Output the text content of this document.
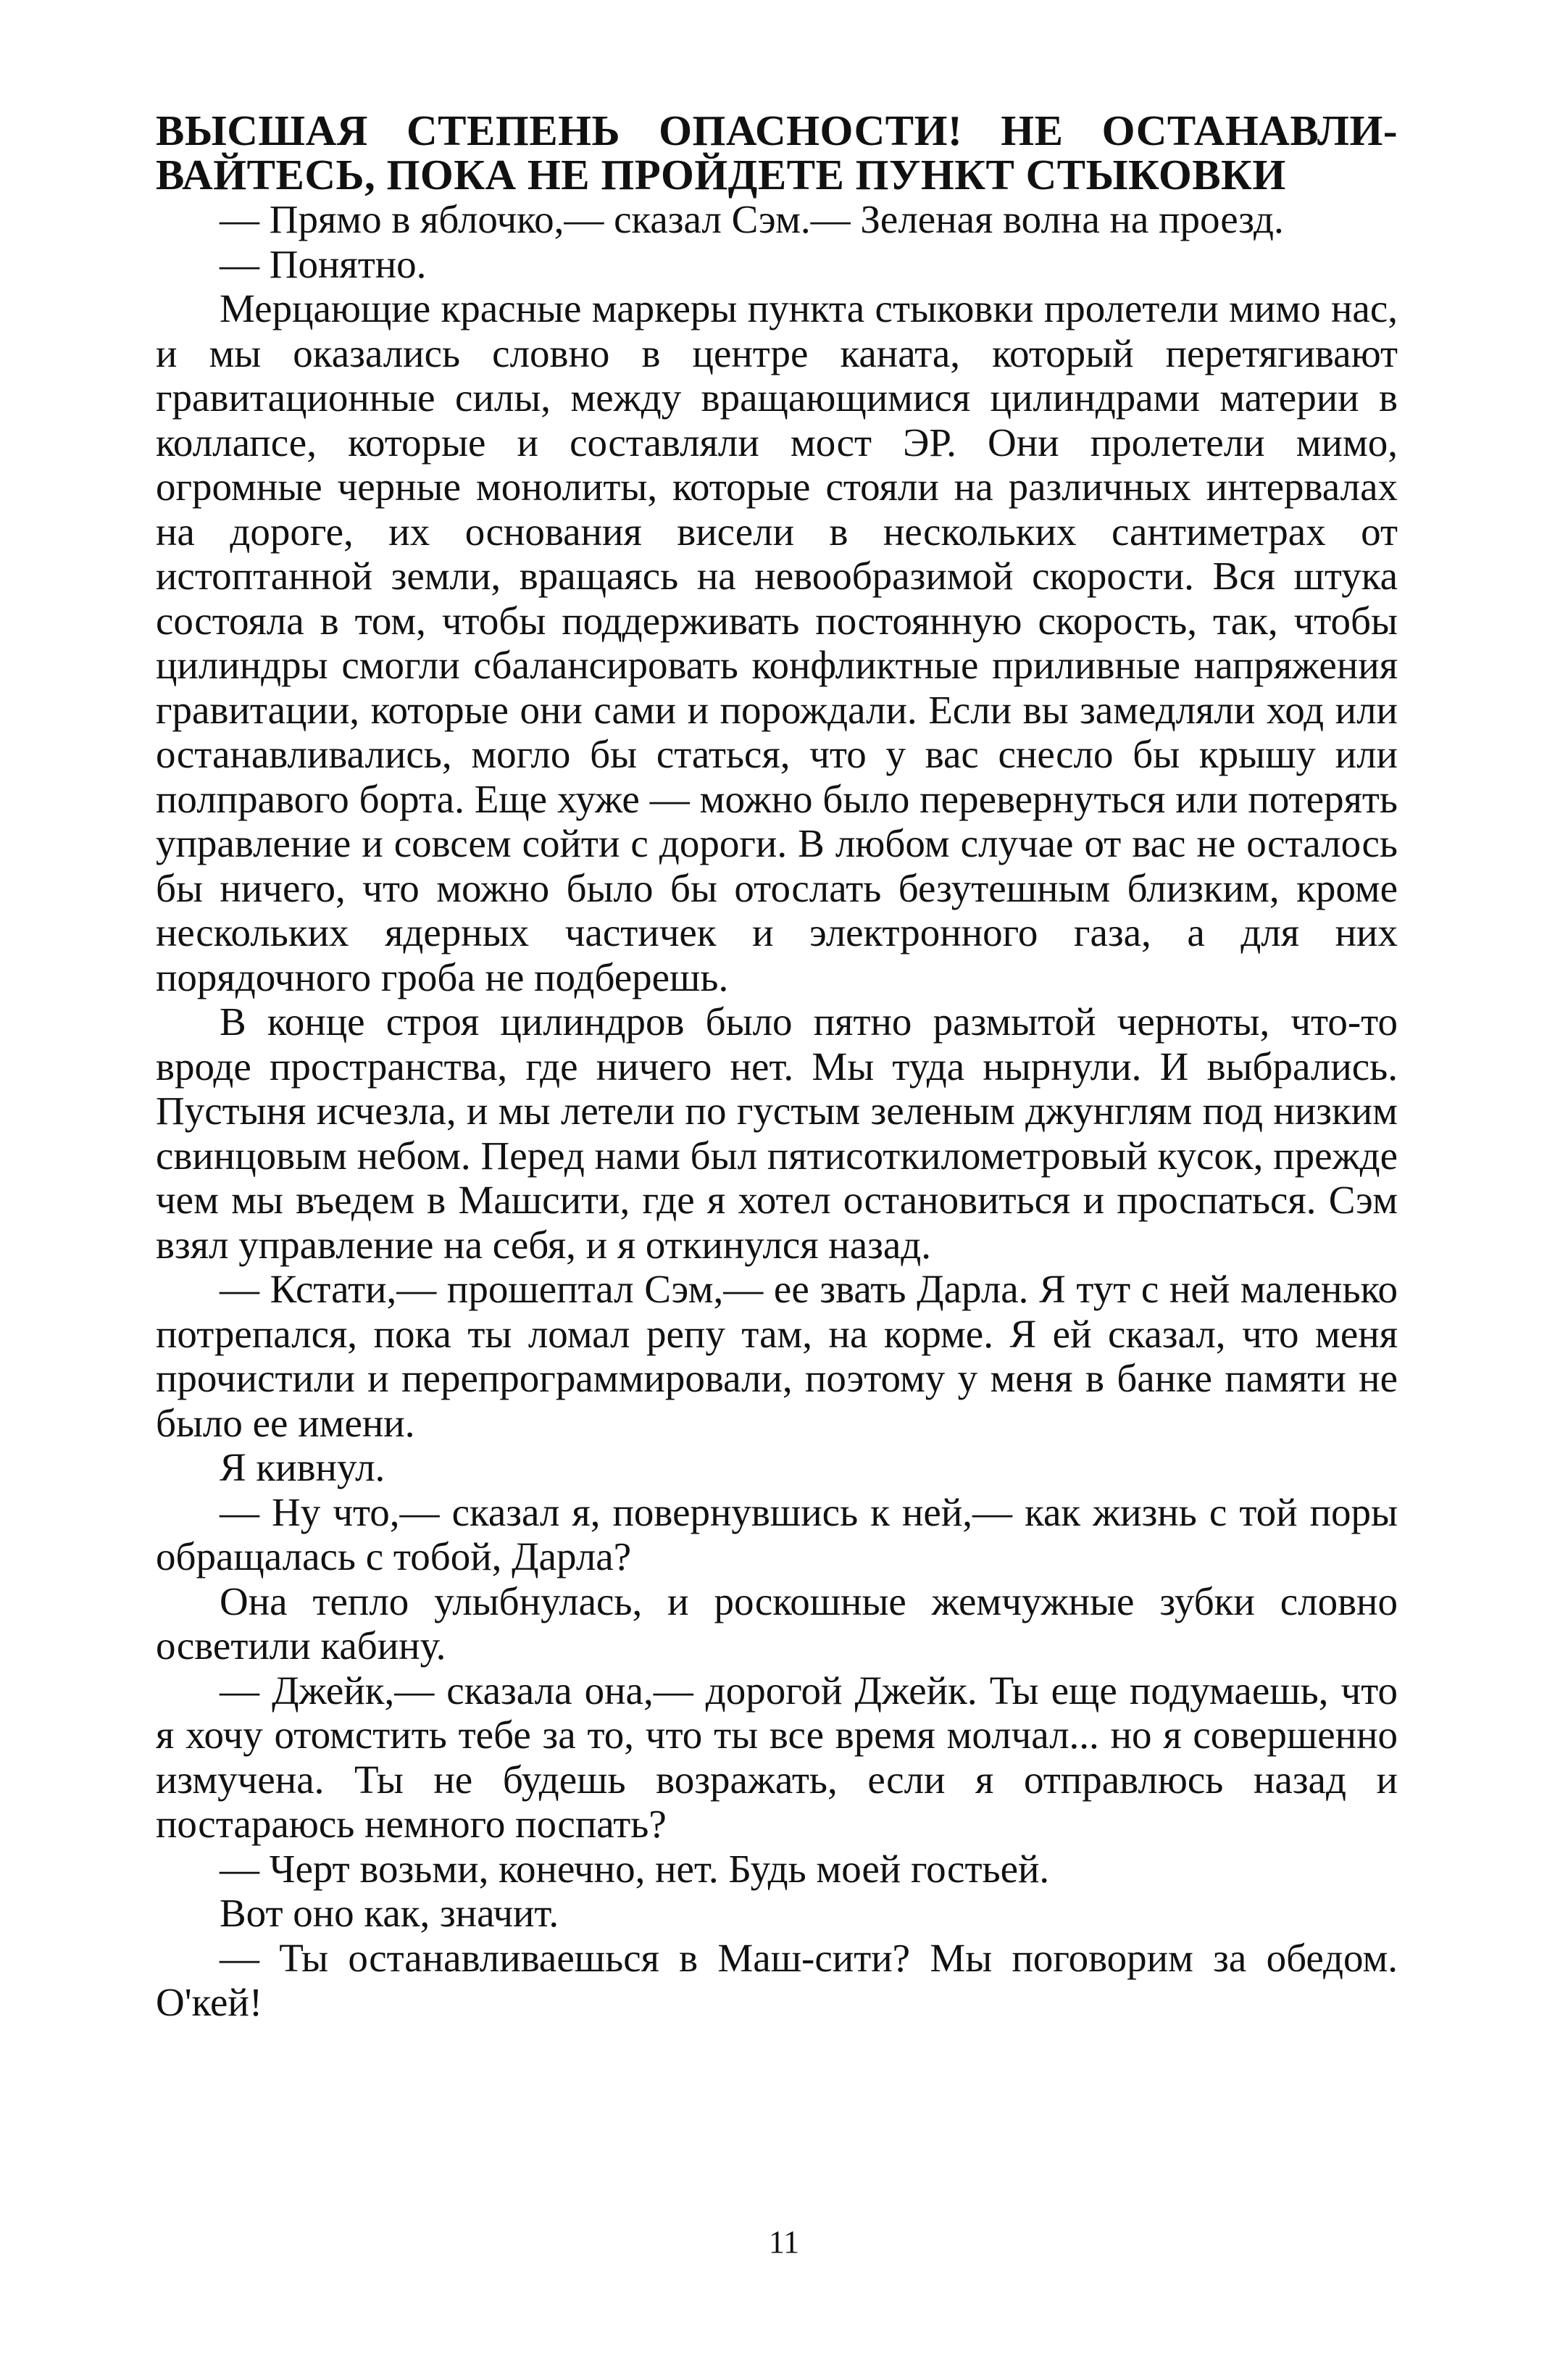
ВЫСШАЯ СТЕПЕНЬ ОПАСНОСТИ! НЕ ОСТАНАВЛИ-
ВАЙТЕСЬ, ПОКА НЕ ПРОЙДЕТЕ ПУНКТ СТЫКОВКИ

— Прямо в яблочко,— сказал Сэм.— Зеленая волна на проезд.

— Понятно.

Мерцающие красные маркеры пункта стыковки пролетели мимо нас, и мы оказались словно в центре каната, который перетягивают гравитационные силы, между вращающимися цилиндрами материи в коллапсе, которые и составляли мост ЭР. Они пролетели мимо, огромные черные монолиты, которые стояли на различных интервалах на дороге, их основания висели в нескольких сантиметрах от истоптанной земли, вращаясь на невообразимой скорости. Вся штука состояла в том, чтобы поддерживать постоянную скорость, так, чтобы цилиндры смогли сбалансировать конфликтные приливные напряжения гравитации, которые они сами и порождали. Если вы замедляли ход или останавливались, могло бы статься, что у вас снесло бы крышу или полправого борта. Еще хуже — можно было перевернуться или потерять управление и совсем сойти с дороги. В любом случае от вас не осталось бы ничего, что можно было бы отослать безутешным близким, кроме нескольких ядерных частичек и электронного газа, а для них порядочного гроба не подберешь.

В конце строя цилиндров было пятно размытой черноты, что-то вроде пространства, где ничего нет. Мы туда нырнули. И выбрались. Пустыня исчезла, и мы летели по густым зеленым джунглям под низким свинцовым небом. Перед нами был пятисоткилометровый кусок, прежде чем мы въедем в Машсити, где я хотел остановиться и проспаться. Сэм взял управление на себя, и я откинулся назад.

— Кстати,— прошептал Сэм,— ее звать Дарла. Я тут с ней маленько потрепался, пока ты ломал репу там, на корме. Я ей сказал, что меня прочистили и перепрограммировали, поэтому у меня в банке памяти не было ее имени.

Я кивнул.

— Ну что,— сказал я, повернувшись к ней,— как жизнь с той поры обращалась с тобой, Дарла?

Она тепло улыбнулась, и роскошные жемчужные зубки словно осветили кабину.

— Джейк,— сказала она,— дорогой Джейк. Ты еще подумаешь, что я хочу отомстить тебе за то, что ты все время молчал... но я совершенно измучена. Ты не будешь возражать, если я отправлюсь назад и постараюсь немного поспать?

— Черт возьми, конечно, нет. Будь моей гостьей.

Вот оно как, значит.

— Ты останавливаешься в Маш-сити? Мы поговорим за обедом. О'кей!

11
